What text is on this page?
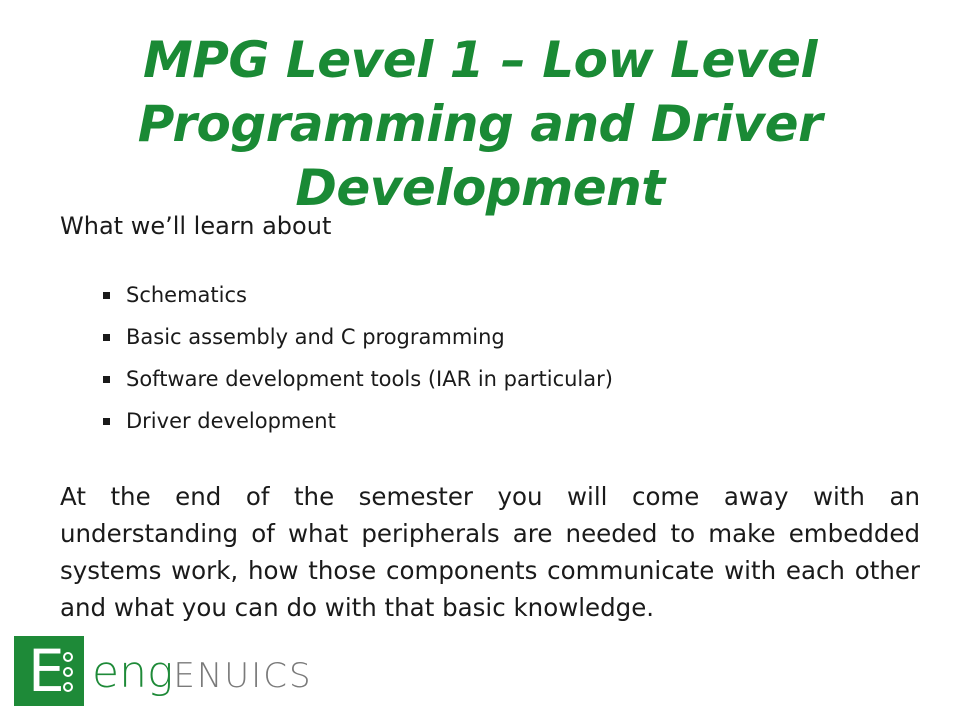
MPG Level 1 – Low Level Programming and Driver Development

What we’ll learn about

Schematics
Basic assembly and C programming
Software development tools (IAR in particular)
Driver development

At the end of the semester you will come away with an understanding of what peripherals are needed to make embedded systems work, how those components communicate with each other and what you can do with that basic knowledge.

E engENUICS
